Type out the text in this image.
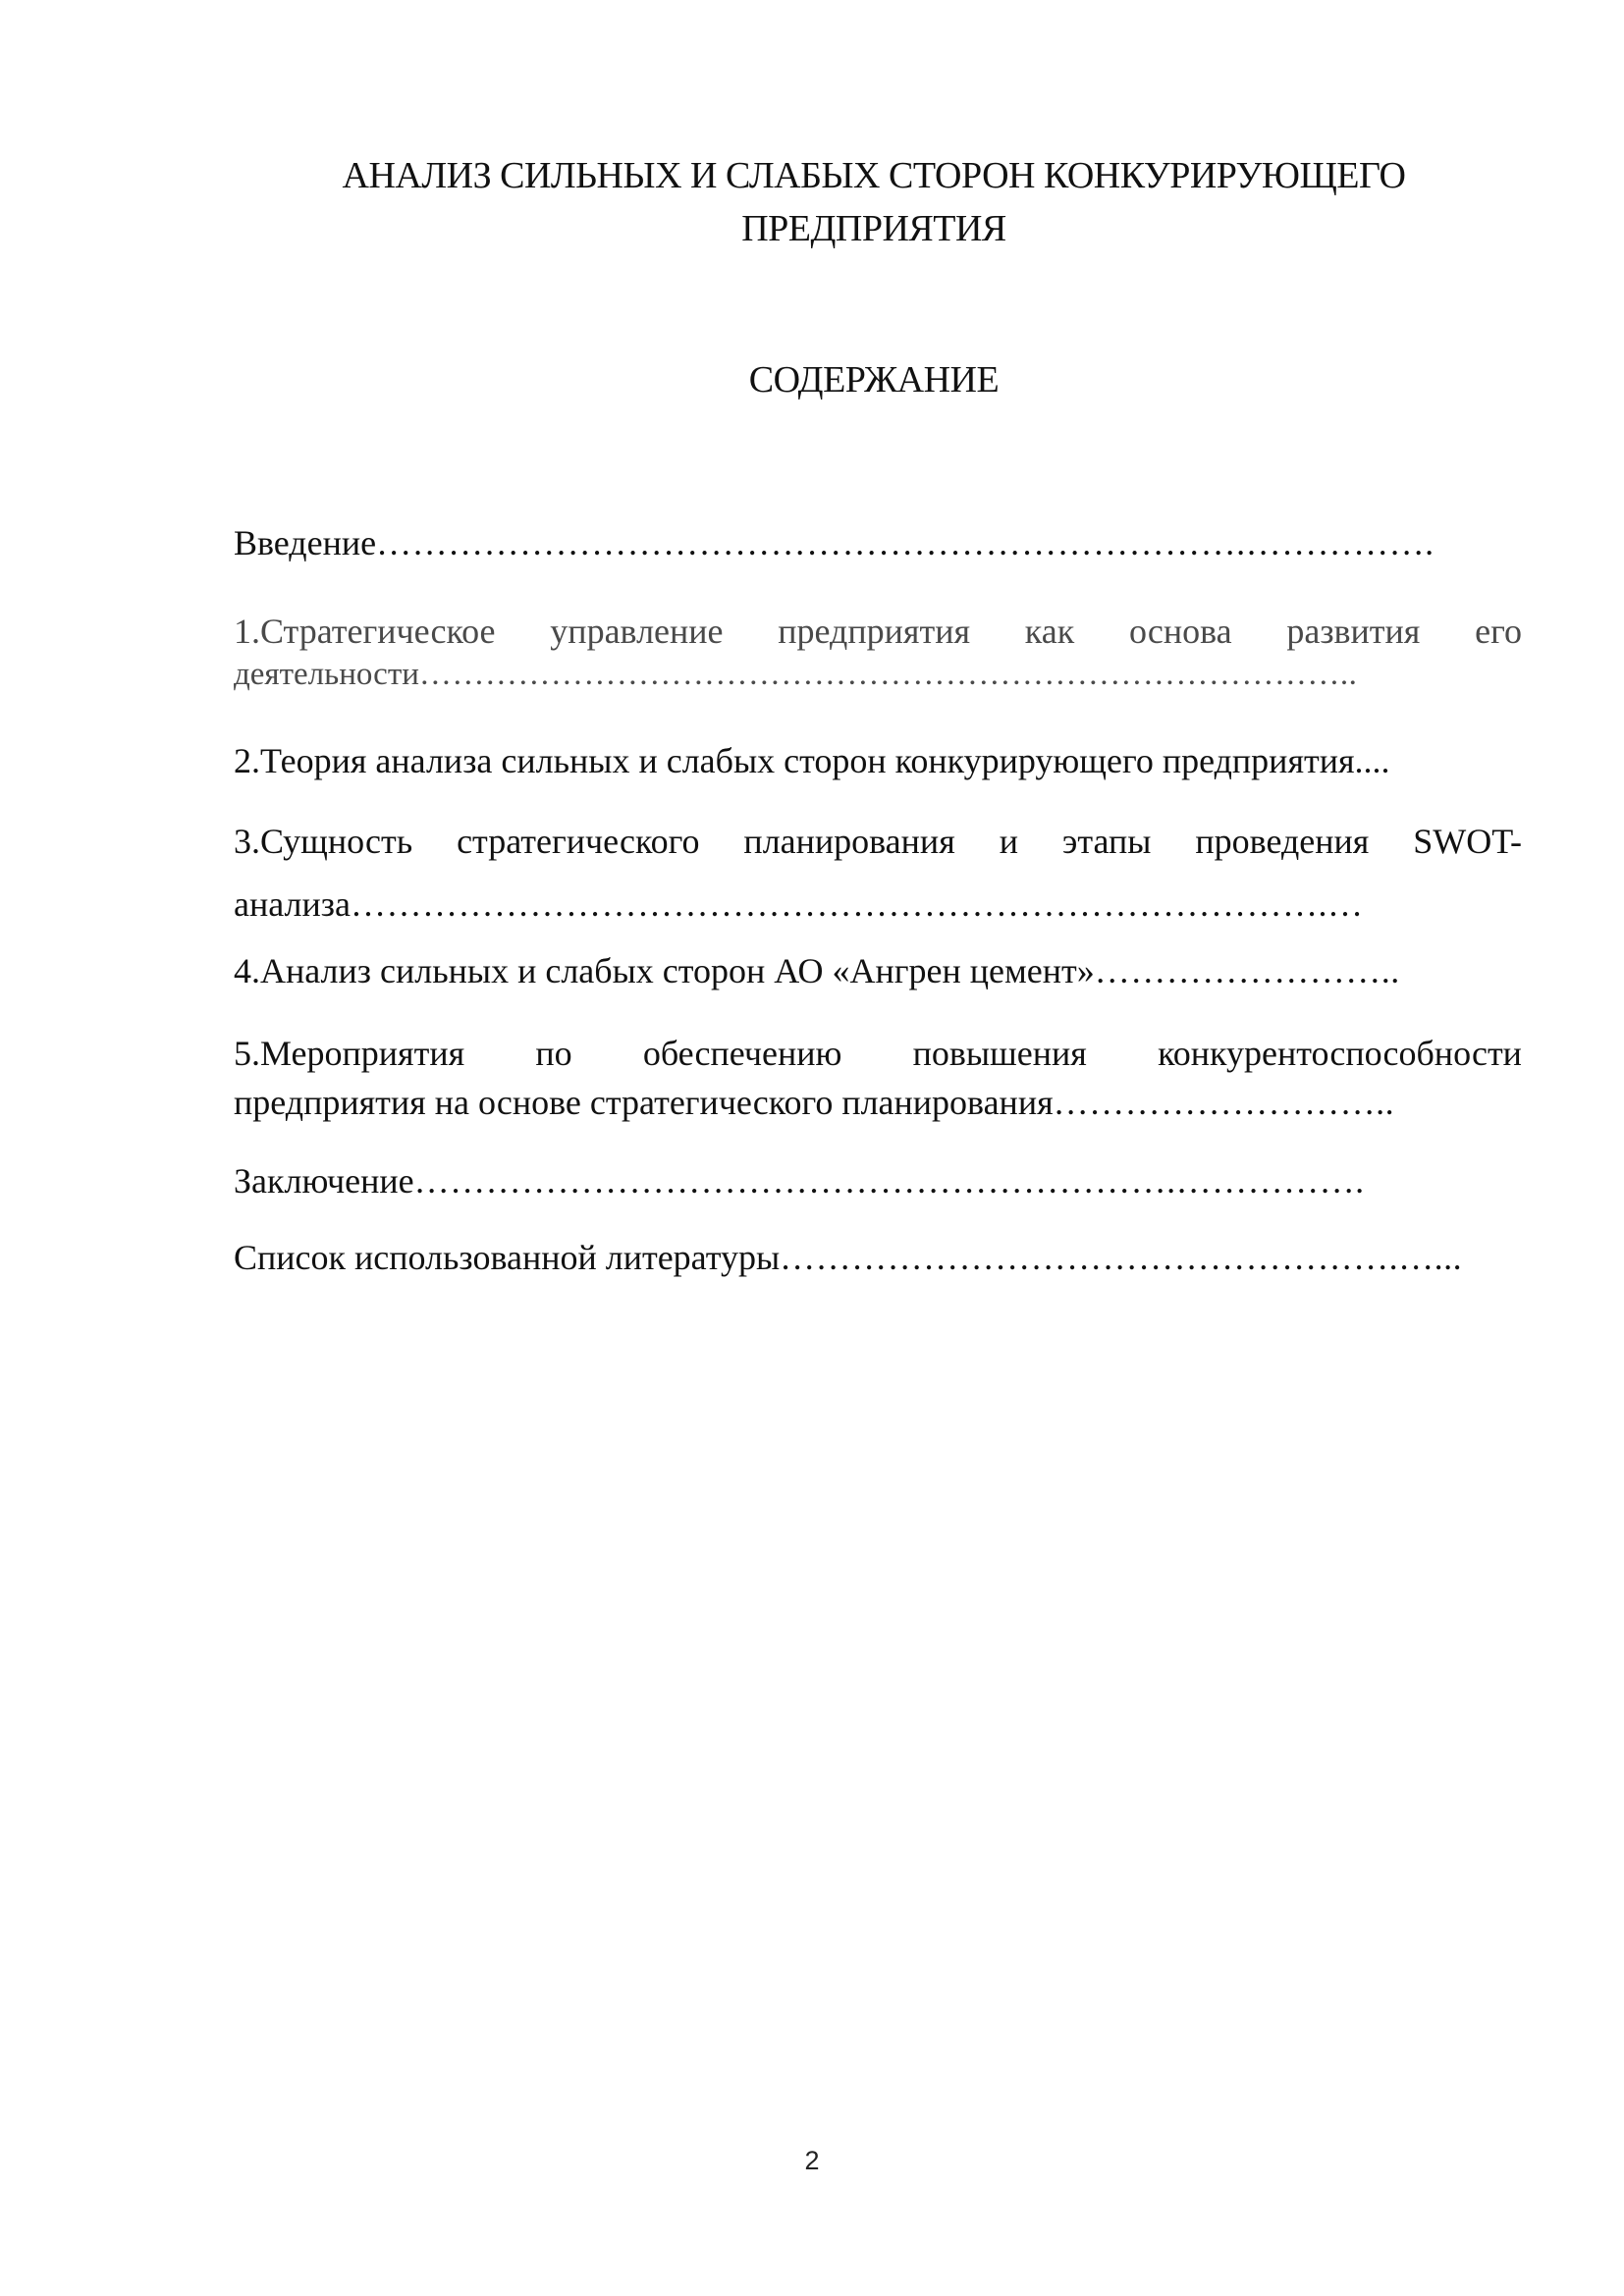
АНАЛИЗ СИЛЬНЫХ И СЛАБЫХ СТОРОН КОНКУРИРУЮЩЕГО
ПРЕДПРИЯТИЯ
СОДЕРЖАНИЕ
Введение……………………………………………………………….…………….
1.Стратегическое управление предприятия как основа развития его
деятельности…………………………………………………………………………..
2.Теория анализа сильных и слабых сторон конкурирующего предприятия....
3.Сущность стратегического планирования и этапы проведения SWOT-
анализа……………………………………………………………………….…
4.Анализ сильных и слабых сторон АО «Ангрен цемент»……………………..
5.Мероприятия по обеспечению повышения конкурентоспособности
предприятия на основе стратегического планирования………………………..
Заключение……………………………………………………….…………….
Список использованной литературы…………………………………………….…...
2
